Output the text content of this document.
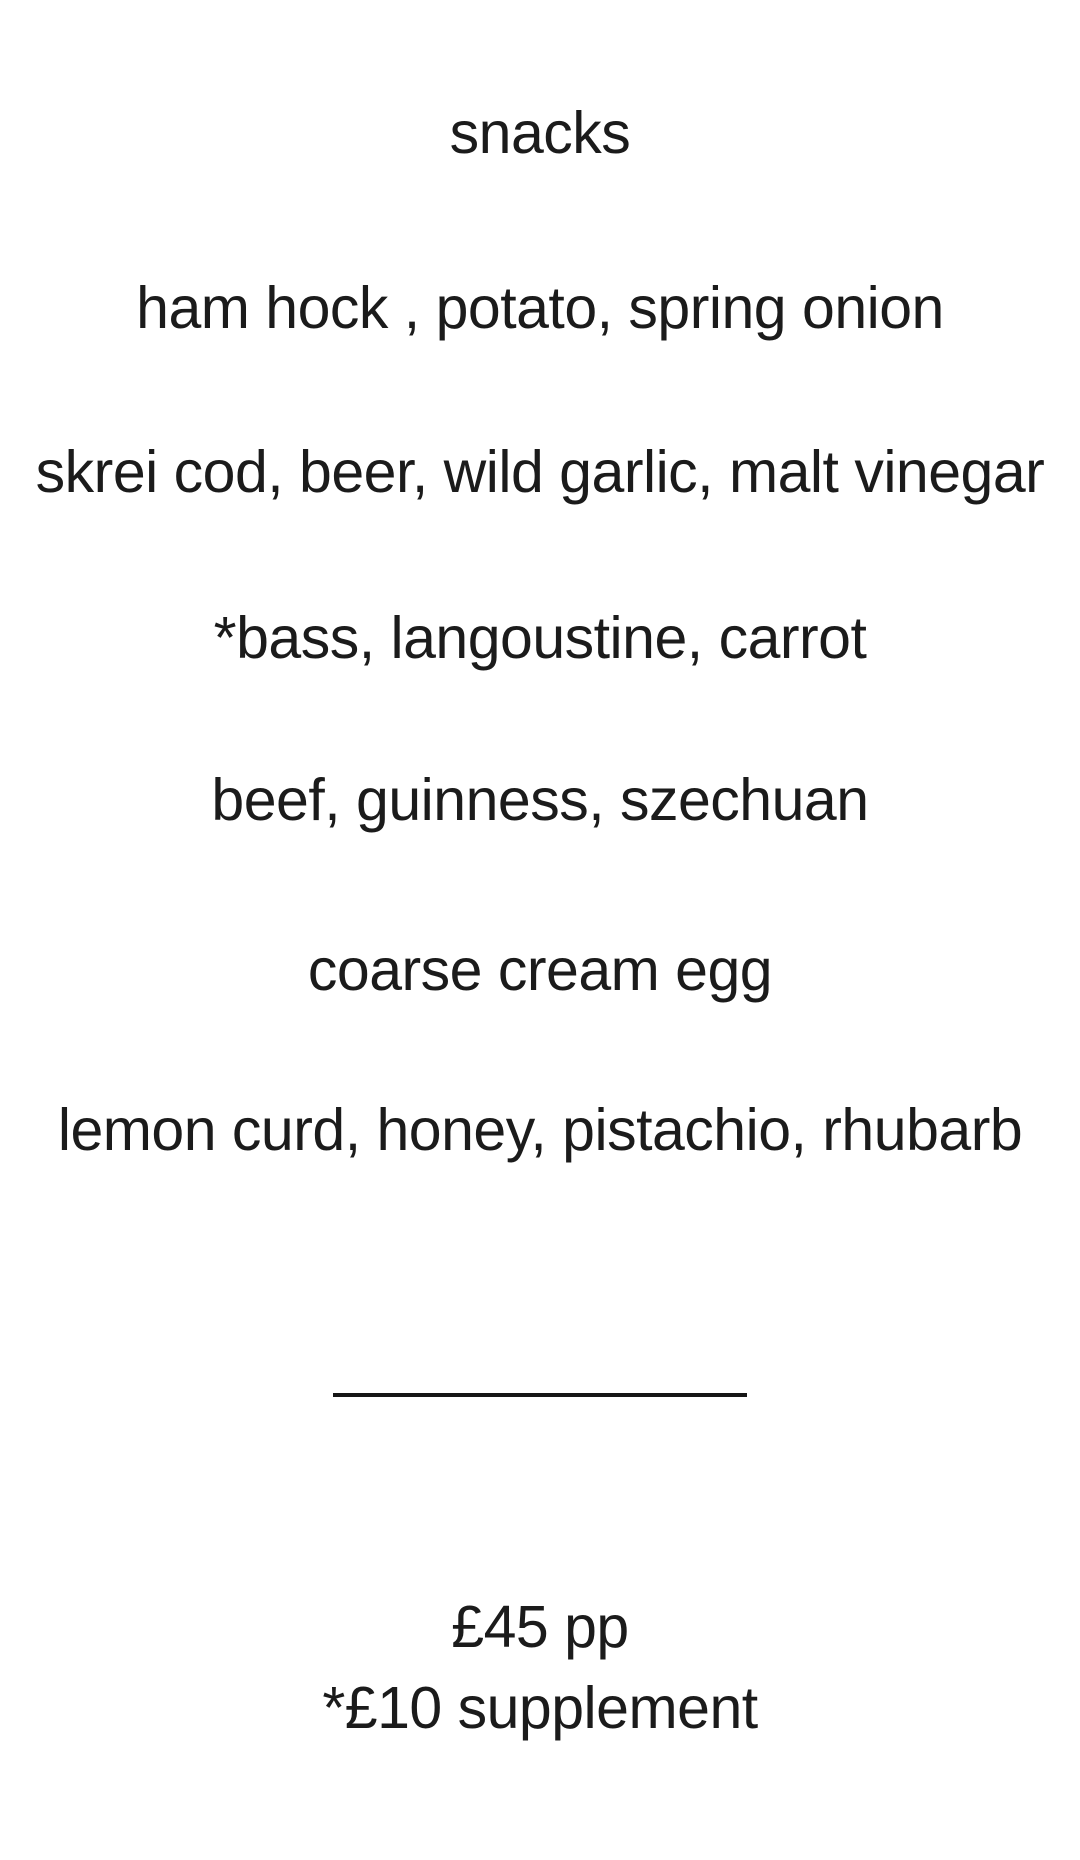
snacks
ham hock , potato, spring onion
skrei cod, beer, wild garlic, malt vinegar
*bass, langoustine, carrot
beef, guinness, szechuan
coarse cream egg
lemon curd, honey, pistachio, rhubarb
£45 pp
*£10 supplement
